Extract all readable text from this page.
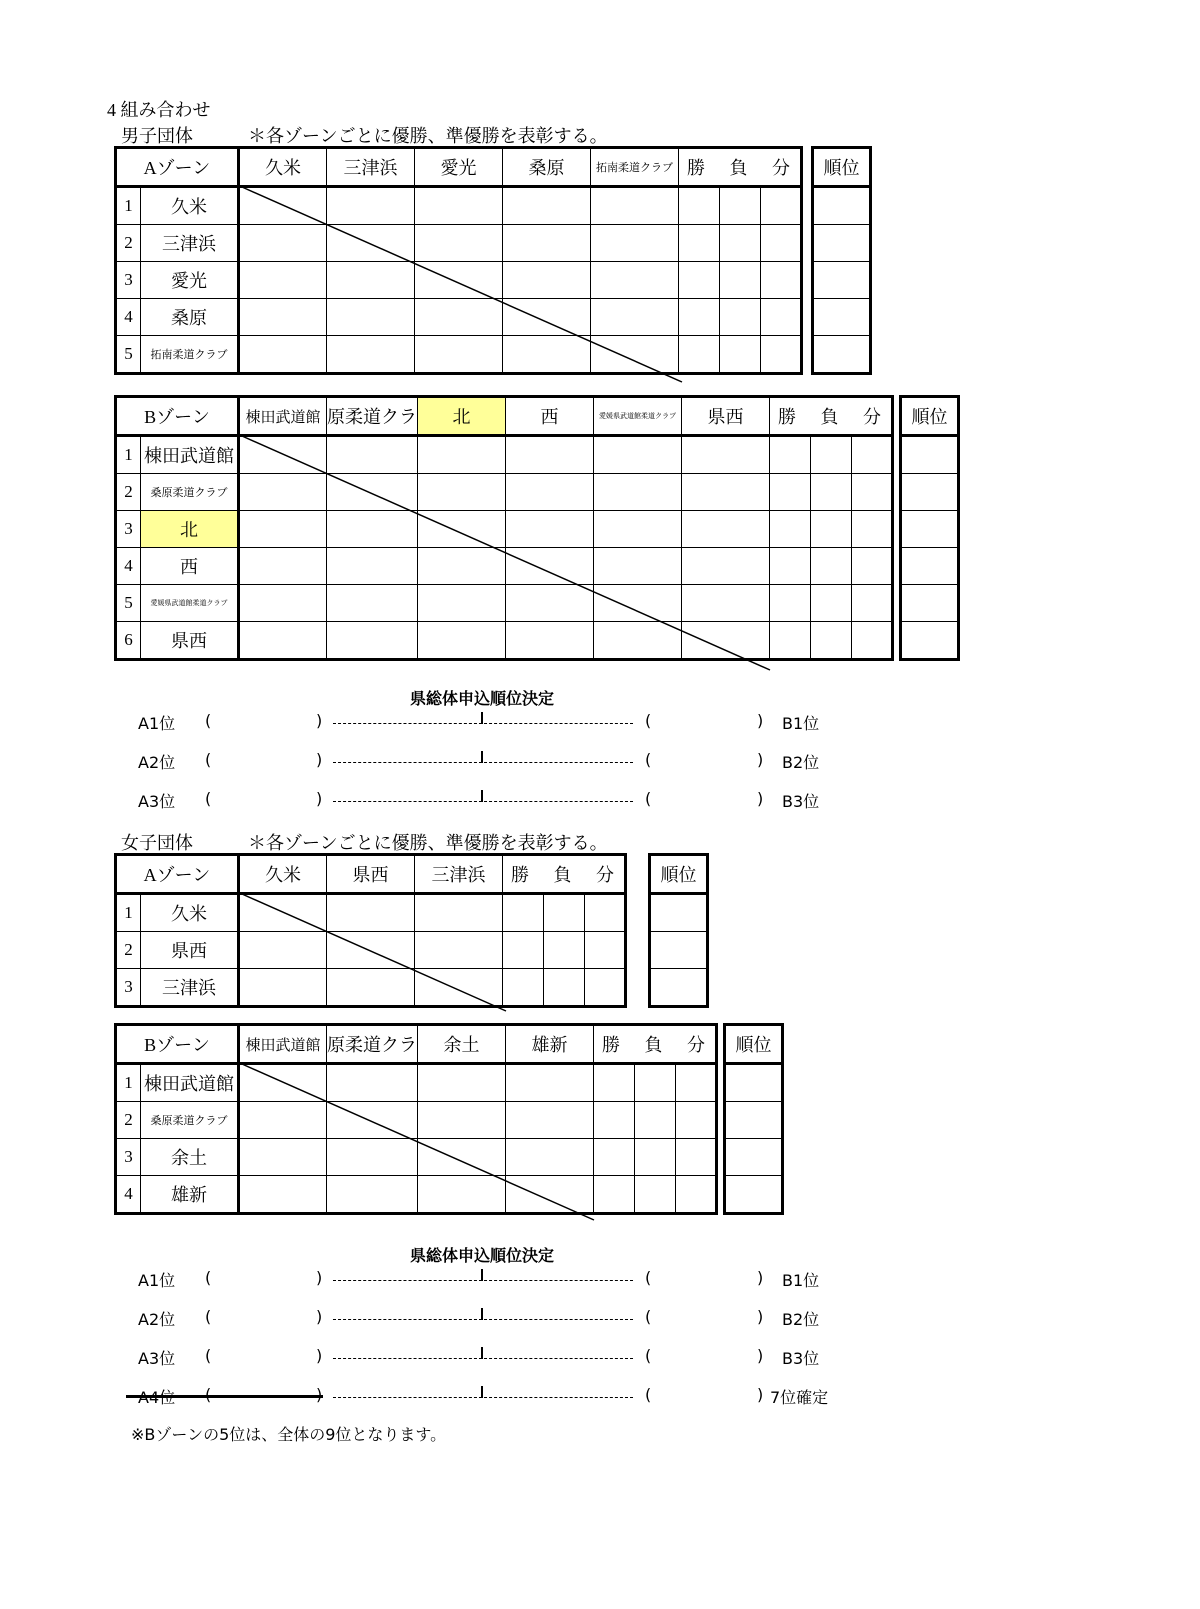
4 組み合わせ
男子団体	＊各ゾーンごとに優勝、準優勝を表彰する。
Aゾーン		久米	三津浜	愛光	桑原	拓南柔道クラブ	勝 負 分		
1	久米								
2	三津浜								
3	愛光								
4	桑原								
5	拓南柔道クラブ								
順位

Bゾーン		棟田武道館	原柔道クラ	北	西	愛媛県武道館柔道クラブ	県西	勝 負 分		
1	棟田武道館									
2	桑原柔道クラブ									
3	北									
4	西									
5	愛媛県武道館柔道クラブ									
6	県西									
順位

県総体申込順位決定
A1位 (	)	(	) B1位
A2位 (	)	(	) B2位
A3位 (	)	(	) B3位
女子団体	＊各ゾーンごとに優勝、準優勝を表彰する。
Aゾーン		久米	県西	三津浜	勝 負 分		
1	久米						
2	県西						
3	三津浜						
順位

Bゾーン		棟田武道館	原柔道クラ	余土	雄新	勝 負 分		
1	棟田武道館							
2	桑原柔道クラブ							
3	余土							
4	雄新							
順位

県総体申込順位決定
A1位 (	)	(	) B1位
A2位 (	)	(	) B2位
A3位 (	)	(	) B3位
(	) 7位確定
※Bゾーンの5位は、全体の9位となります。
